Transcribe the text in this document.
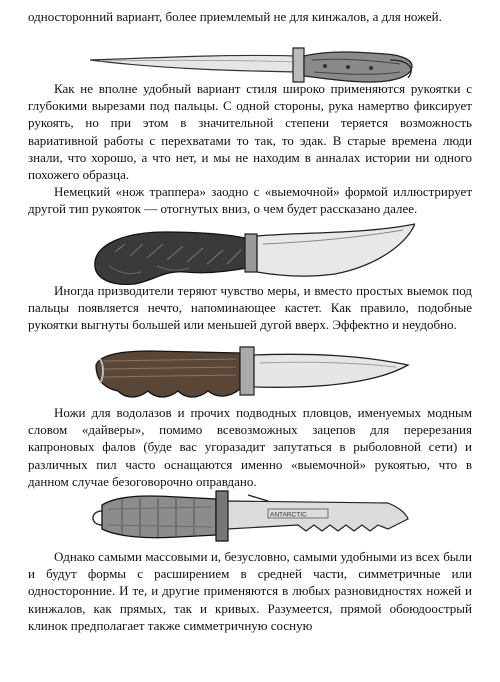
односторонний вариант, более приемлемый не для кинжалов, а для ножей.

Как не вполне удобный вариант стиля широко применяются рукоятки с глубокими вырезами под пальцы. С одной стороны, рука намертво фиксирует рукоять, но при этом в значительной степени теряется возможность вариативной работы с перехватами то так, то эдак. В старые времена люди знали, что хорошо, а что нет, и мы не находим в анналах истории ни одного похожего образца.

Немецкий «нож траппера» заодно с «выемочной» формой иллюстрирует другой тип рукояток — отогнутых вниз, о чем будет рассказано далее.

Иногда призводители теряют чувство меры, и вместо простых выемок под пальцы появляется нечто, напоминающее кастет. Как правило, подобные рукоятки выгнуты большей или меньшей дугой вверх. Эффектно и неудобно.

Ножи для водолазов и прочих подводных пловцов, именуемых модным словом «дайверы», помимо всевозможных зацепов для перерезания капроновых фалов (буде вас угоразадит запутаться в рыболовной сети) и различных пил часто оснащаются именно «выемочной» рукоятью, что в данном случае безоговорочно оправдано.

ANTARCTIC

Однако самыми массовыми и, безусловно, самыми удобными из всех были и будут формы с расширением в средней части, симметричные или односторонние. И те, и другие применяются в любых разновидностях ножей и кинжалов, как прямых, так и кривых. Разумеется, прямой обоюдоострый клинок предполагает также симметричную сосную
